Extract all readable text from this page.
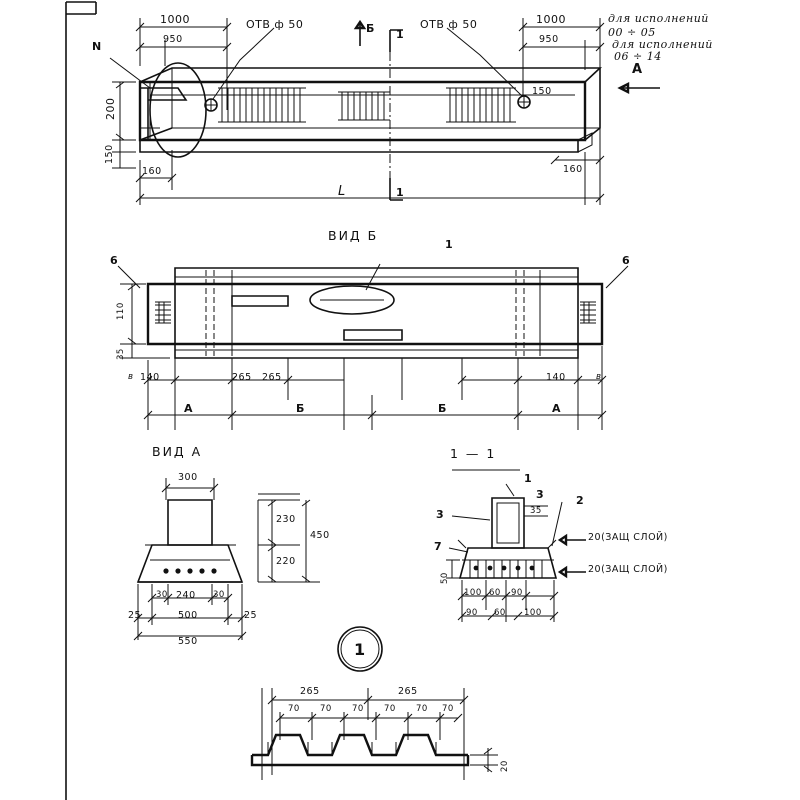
1000
950
1000
950
ОТВ ф 50	ОТВ ф 50
N
Б 1
1
А
для исполнений
00 ÷ 05
для исполнений
06 ÷ 14
200
150
150
160	160
L
ВИД Б
1
6	6
110
35
в 140	265 265	140	в
А	Б	Б	А
ВИД А
300
230
220
450
30 240 30
25	500	25
550
1 — 1
1
3	2
3
7
35
50
20(ЗАЩ СЛОЙ)
20(ЗАЩ СЛОЙ)
100 60 90
90 60 100
1
265	265
70 70 70 70 70 70
20
